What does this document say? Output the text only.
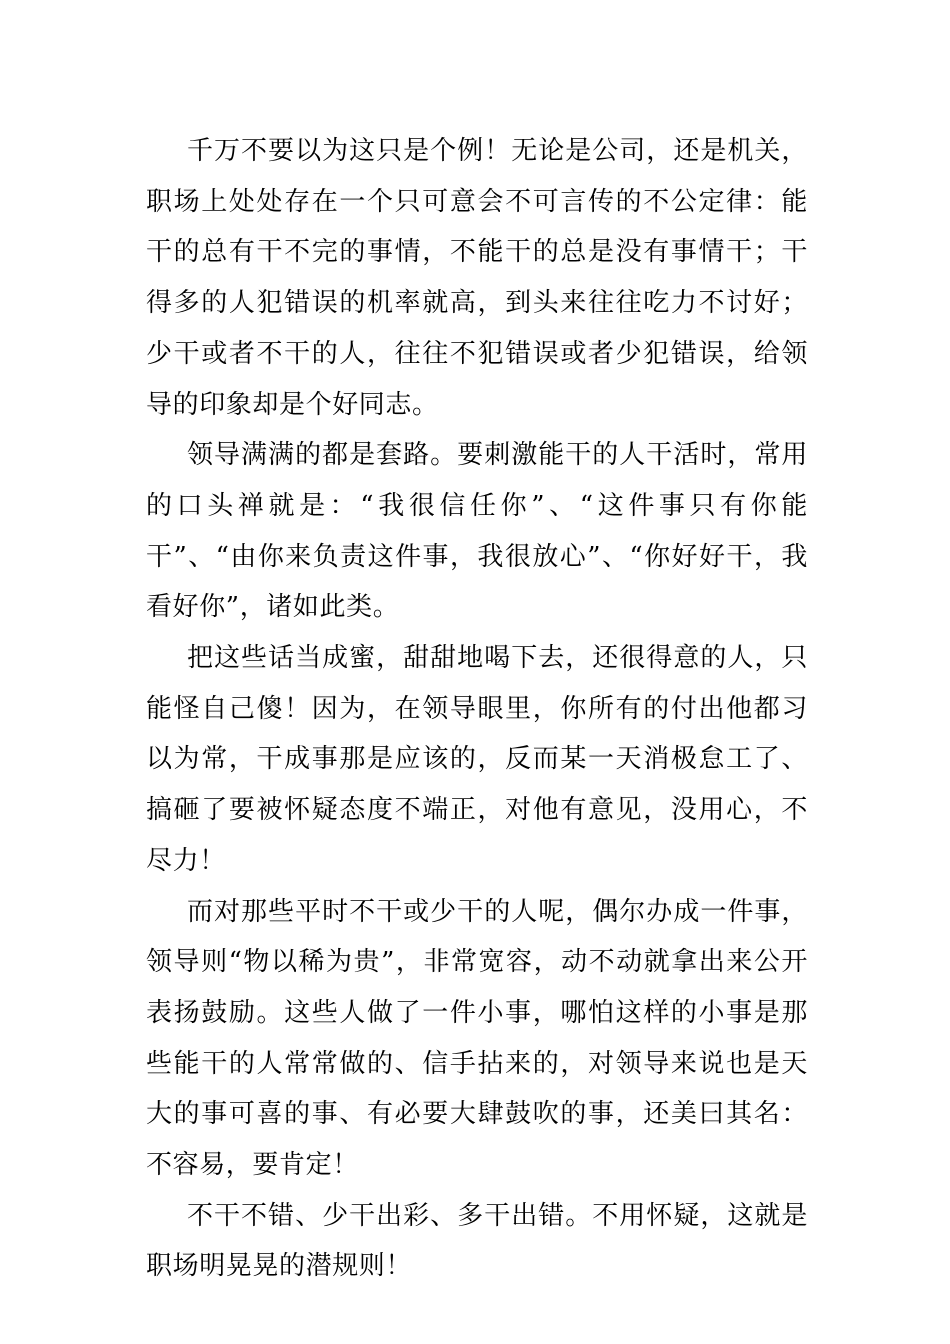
千万不要以为这只是个例！无论是公司，还是机关，职场上处处存在一个只可意会不可言传的不公定律：能干的总有干不完的事情，不能干的总是没有事情干；干得多的人犯错误的机率就高，到头来往往吃力不讨好；少干或者不干的人，往往不犯错误或者少犯错误，给领导的印象却是个好同志。

领导满满的都是套路。要刺激能干的人干活时，常用的口头禅就是：“我很信任你”、“这件事只有你能干”、“由你来负责这件事，我很放心”、“你好好干，我看好你”，诸如此类。

把这些话当成蜜，甜甜地喝下去，还很得意的人，只能怪自己傻！因为，在领导眼里，你所有的付出他都习以为常，干成事那是应该的，反而某一天消极怠工了、搞砸了要被怀疑态度不端正，对他有意见，没用心，不尽力！

而对那些平时不干或少干的人呢，偶尔办成一件事，领导则“物以稀为贵”，非常宽容，动不动就拿出来公开表扬鼓励。这些人做了一件小事，哪怕这样的小事是那些能干的人常常做的、信手拈来的，对领导来说也是天大的事可喜的事、有必要大肆鼓吹的事，还美曰其名：不容易，要肯定！

不干不错、少干出彩、多干出错。不用怀疑，这就是职场明晃晃的潜规则！
